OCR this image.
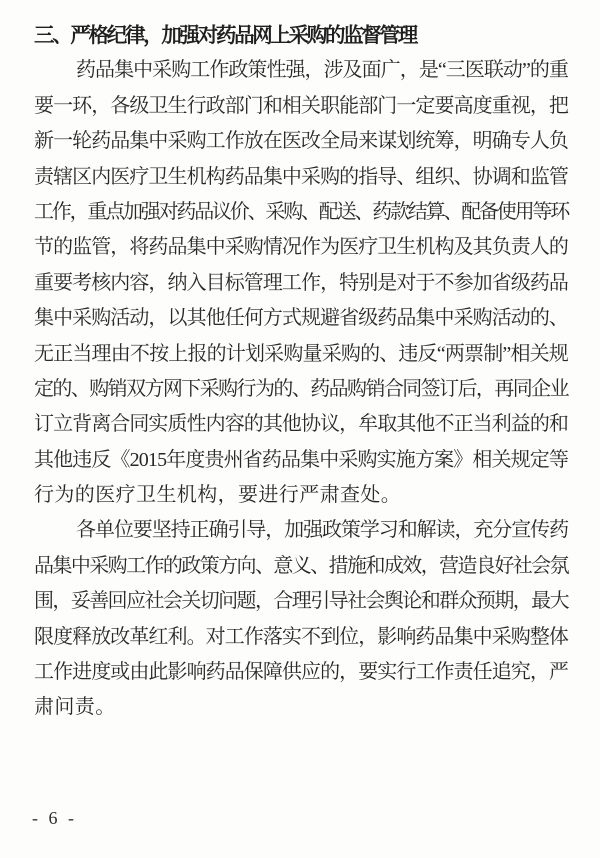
三、严格纪律，加强对药品网上采购的监督管理
药品集中采购工作政策性强，涉及面广，是“三医联动”的重
要一环，各级卫生行政部门和相关职能部门一定要高度重视，把
新一轮药品集中采购工作放在医改全局来谋划统筹，明确专人负
责辖区内医疗卫生机构药品集中采购的指导、组织、协调和监管
工作，重点加强对药品议价、采购、配送、药款结算、配备使用等环
节的监管，将药品集中采购情况作为医疗卫生机构及其负责人的
重要考核内容，纳入目标管理工作，特别是对于不参加省级药品
集中采购活动，以其他任何方式规避省级药品集中采购活动的、
无正当理由不按上报的计划采购量采购的、违反“两票制”相关规
定的、购销双方网下采购行为的、药品购销合同签订后，再同企业
订立背离合同实质性内容的其他协议，牟取其他不正当利益的和
其他违反《2015年度贵州省药品集中采购实施方案》相关规定等
行为的医疗卫生机构，要进行严肃查处。
各单位要坚持正确引导，加强政策学习和解读，充分宣传药
品集中采购工作的政策方向、意义、措施和成效，营造良好社会氛
围，妥善回应社会关切问题，合理引导社会舆论和群众预期，最大
限度释放改革红利。对工作落实不到位，影响药品集中采购整体
工作进度或由此影响药品保障供应的，要实行工作责任追究，严
肃问责。
- 6 -
